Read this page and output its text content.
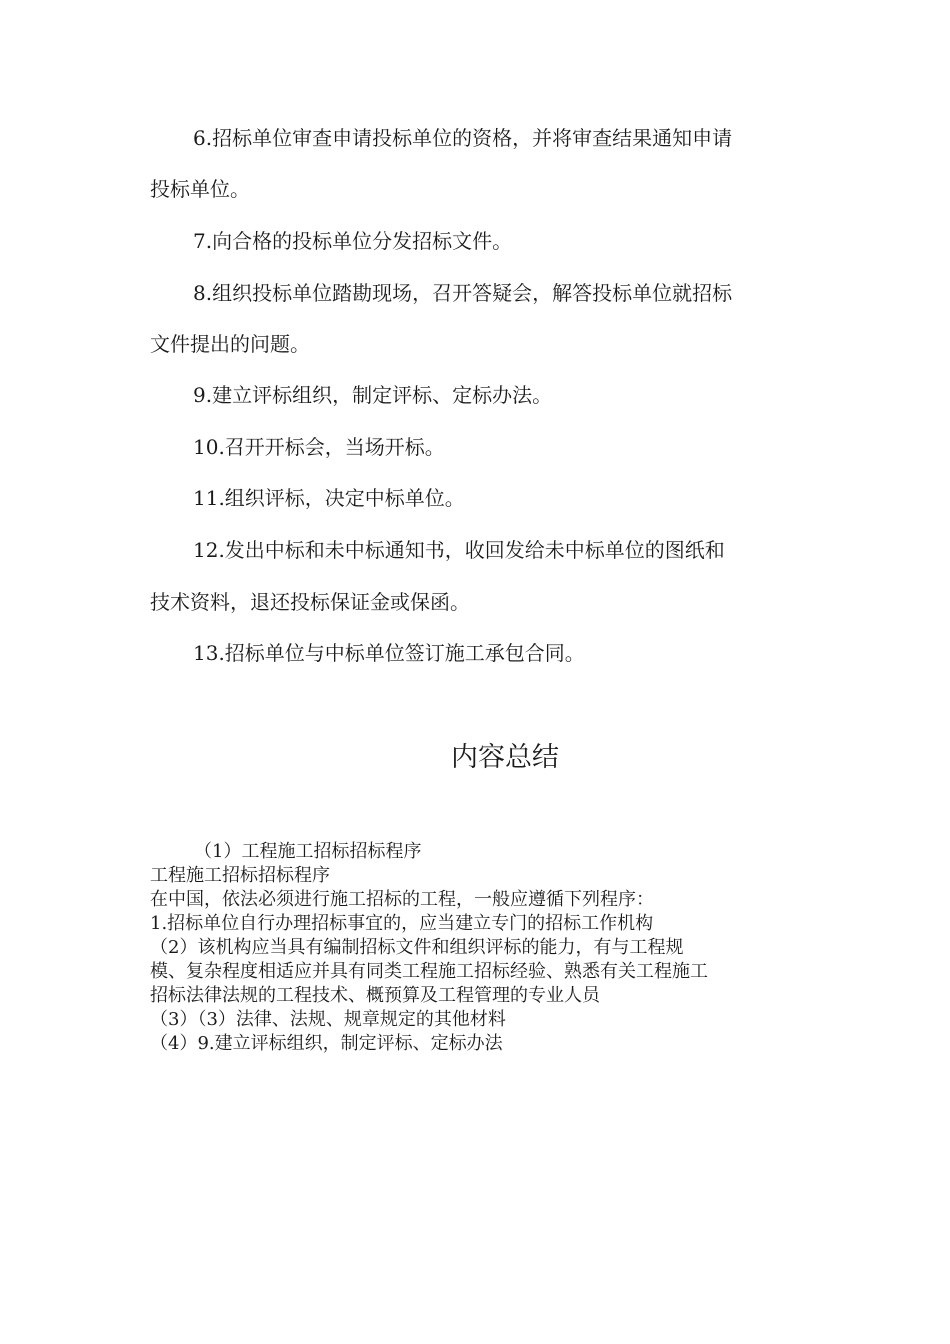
6.招标单位审查申请投标单位的资格，并将审查结果通知申请
投标单位。
7.向合格的投标单位分发招标文件。
8.组织投标单位踏勘现场，召开答疑会，解答投标单位就招标
文件提出的问题。
9.建立评标组织，制定评标、定标办法。
10.召开开标会，当场开标。
11.组织评标，决定中标单位。
12.发出中标和未中标通知书，收回发给未中标单位的图纸和
技术资料，退还投标保证金或保函。
13.招标单位与中标单位签订施工承包合同。
内容总结
（1）工程施工招标招标程序
工程施工招标招标程序
在中国，依法必须进行施工招标的工程，一般应遵循下列程序：
1.招标单位自行办理招标事宜的，应当建立专门的招标工作机构
（2）该机构应当具有编制招标文件和组织评标的能力，有与工程规
模、复杂程度相适应并具有同类工程施工招标经验、熟悉有关工程施工
招标法律法规的工程技术、概预算及工程管理的专业人员
（3）（3）法律、法规、规章规定的其他材料
（4）9.建立评标组织，制定评标、定标办法
